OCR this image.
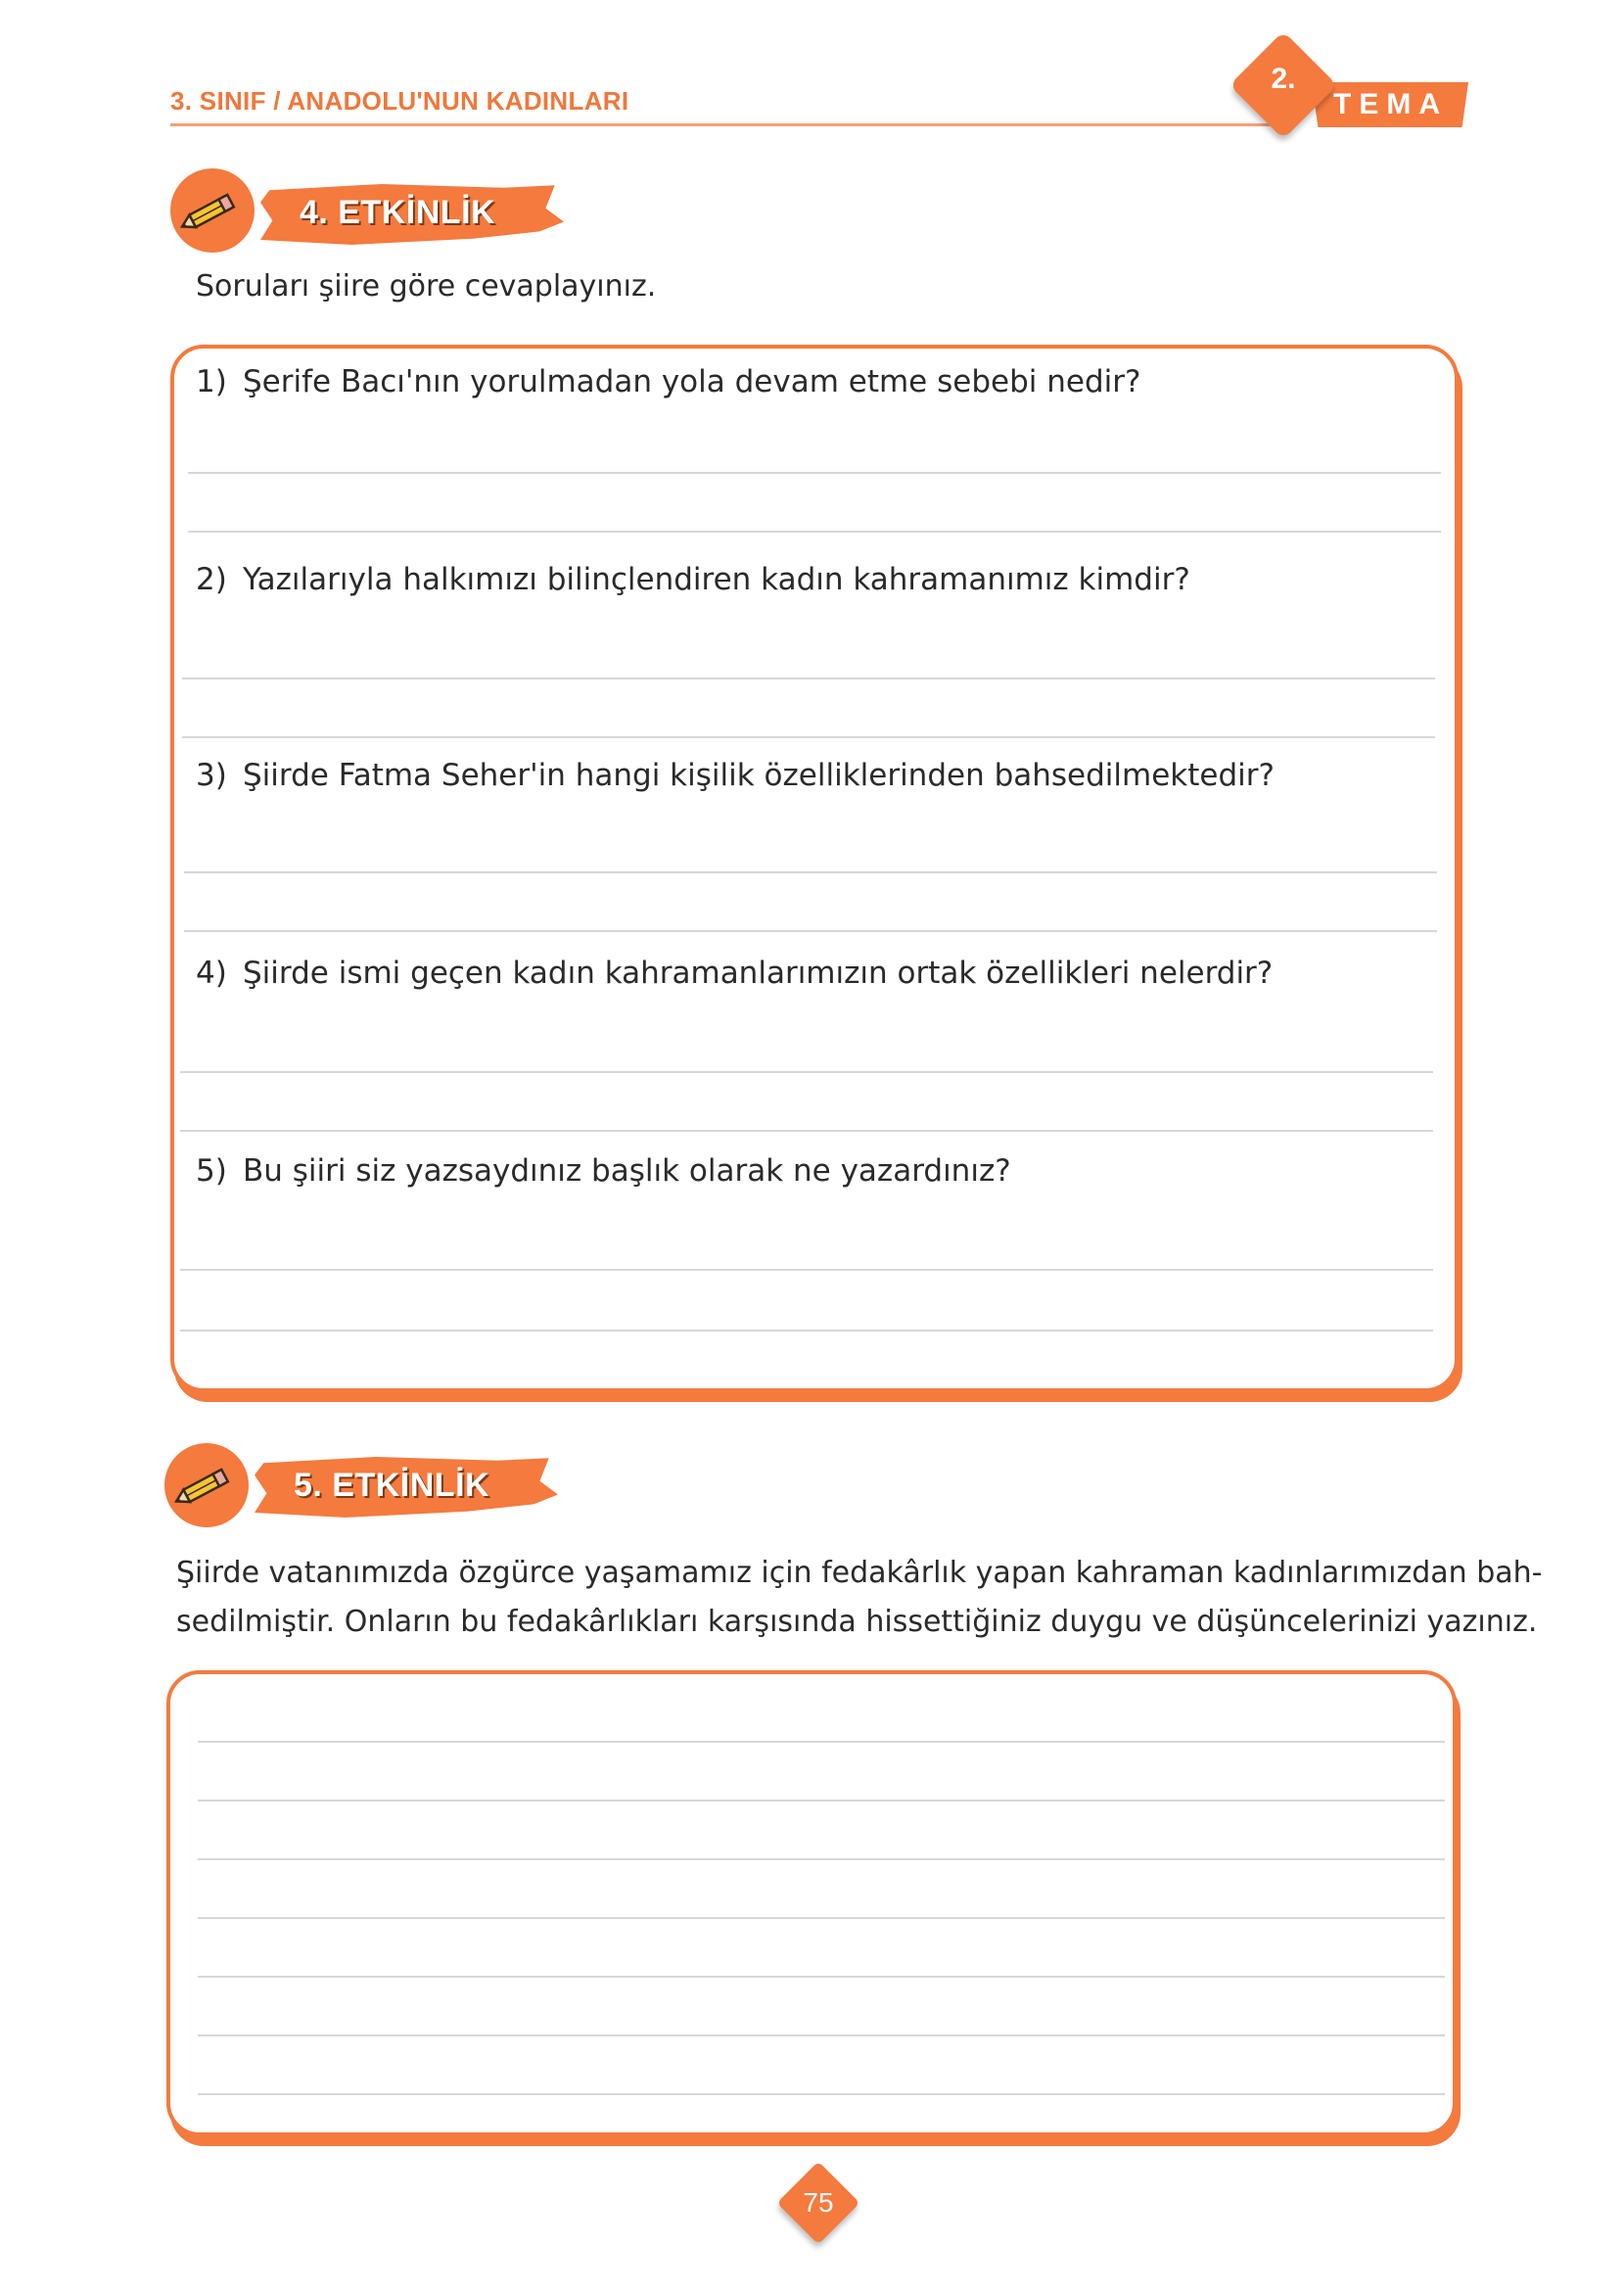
3. SINIF / ANADOLU'NUN KADINLARI	TEMA
2.
4. ETKİNLİK
Soruları şiire göre cevaplayınız.
1) Şerife Bacı'nın yorulmadan yola devam etme sebebi nedir?
2) Yazılarıyla halkımızı bilinçlendiren kadın kahramanımız kimdir?
3) Şiirde Fatma Seher'in hangi kişilik özelliklerinden bahsedilmektedir?
4) Şiirde ismi geçen kadın kahramanlarımızın ortak özellikleri nelerdir?
5) Bu şiiri siz yazsaydınız başlık olarak ne yazardınız?
5. ETKİNLİK
Şiirde vatanımızda özgürce yaşamamız için fedakârlık yapan kahraman kadınlarımızdan bah-
sedilmiştir. Onların bu fedakârlıkları karşısında hissettiğiniz duygu ve düşüncelerinizi yazınız.
75
